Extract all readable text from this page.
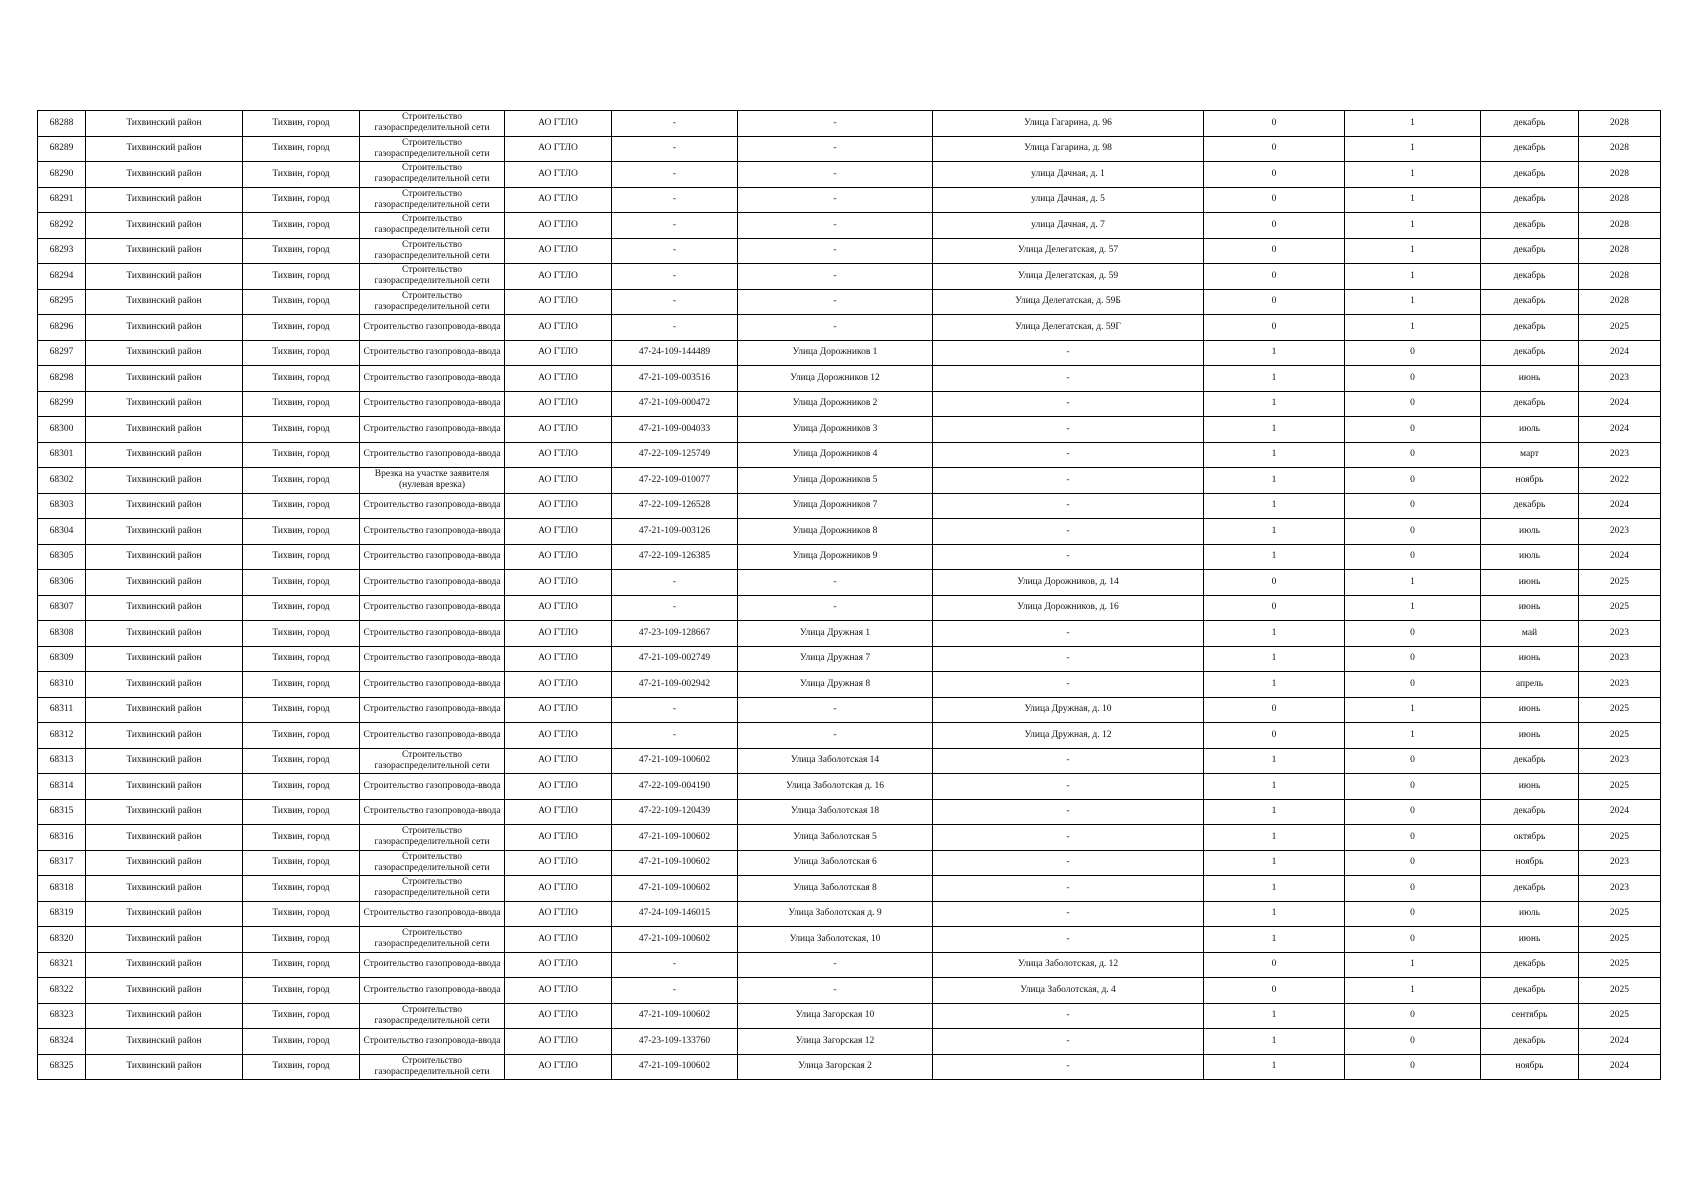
68288	Тихвинский район	Тихвин, город	Строительство газораспределительной сети	АО ГТЛО	-	-	Улица Гагарина, д. 96	0	1	декабрь	2028
68289	Тихвинский район	Тихвин, город	Строительство газораспределительной сети	АО ГТЛО	-	-	Улица Гагарина, д. 98	0	1	декабрь	2028
68290	Тихвинский район	Тихвин, город	Строительство газораспределительной сети	АО ГТЛО	-	-	улица Дачная, д. 1	0	1	декабрь	2028
68291	Тихвинский район	Тихвин, город	Строительство газораспределительной сети	АО ГТЛО	-	-	улица Дачная, д. 5	0	1	декабрь	2028
68292	Тихвинский район	Тихвин, город	Строительство газораспределительной сети	АО ГТЛО	-	-	улица Дачная, д. 7	0	1	декабрь	2028
68293	Тихвинский район	Тихвин, город	Строительство газораспределительной сети	АО ГТЛО	-	-	Улица Делегатская, д. 57	0	1	декабрь	2028
68294	Тихвинский район	Тихвин, город	Строительство газораспределительной сети	АО ГТЛО	-	-	Улица Делегатская, д. 59	0	1	декабрь	2028
68295	Тихвинский район	Тихвин, город	Строительство газораспределительной сети	АО ГТЛО	-	-	Улица Делегатская, д. 59Б	0	1	декабрь	2028
68296	Тихвинский район	Тихвин, город	Строительство газопровода-ввода	АО ГТЛО	-	-	Улица Делегатская, д. 59Г	0	1	декабрь	2025
68297	Тихвинский район	Тихвин, город	Строительство газопровода-ввода	АО ГТЛО	47-24-109-144489	Улица Дорожников 1	-	1	0	декабрь	2024
68298	Тихвинский район	Тихвин, город	Строительство газопровода-ввода	АО ГТЛО	47-21-109-003516	Улица Дорожников 12	-	1	0	июнь	2023
68299	Тихвинский район	Тихвин, город	Строительство газопровода-ввода	АО ГТЛО	47-21-109-000472	Улица Дорожников 2	-	1	0	декабрь	2024
68300	Тихвинский район	Тихвин, город	Строительство газопровода-ввода	АО ГТЛО	47-21-109-004033	Улица Дорожников 3	-	1	0	июль	2024
68301	Тихвинский район	Тихвин, город	Строительство газопровода-ввода	АО ГТЛО	47-22-109-125749	Улица Дорожников 4	-	1	0	март	2023
68302	Тихвинский район	Тихвин, город	Врезка на участке заявителя (нулевая врезка)	АО ГТЛО	47-22-109-010077	Улица Дорожников 5	-	1	0	ноябрь	2022
68303	Тихвинский район	Тихвин, город	Строительство газопровода-ввода	АО ГТЛО	47-22-109-126528	Улица Дорожников 7	-	1	0	декабрь	2024
68304	Тихвинский район	Тихвин, город	Строительство газопровода-ввода	АО ГТЛО	47-21-109-003126	Улица Дорожников 8	-	1	0	июль	2023
68305	Тихвинский район	Тихвин, город	Строительство газопровода-ввода	АО ГТЛО	47-22-109-126385	Улица Дорожников 9	-	1	0	июль	2024
68306	Тихвинский район	Тихвин, город	Строительство газопровода-ввода	АО ГТЛО	-	-	Улица Дорожников, д. 14	0	1	июнь	2025
68307	Тихвинский район	Тихвин, город	Строительство газопровода-ввода	АО ГТЛО	-	-	Улица Дорожников, д. 16	0	1	июнь	2025
68308	Тихвинский район	Тихвин, город	Строительство газопровода-ввода	АО ГТЛО	47-23-109-128667	Улица Дружная 1	-	1	0	май	2023
68309	Тихвинский район	Тихвин, город	Строительство газопровода-ввода	АО ГТЛО	47-21-109-002749	Улица Дружная 7	-	1	0	июнь	2023
68310	Тихвинский район	Тихвин, город	Строительство газопровода-ввода	АО ГТЛО	47-21-109-002942	Улица Дружная 8	-	1	0	апрель	2023
68311	Тихвинский район	Тихвин, город	Строительство газопровода-ввода	АО ГТЛО	-	-	Улица Дружная, д. 10	0	1	июнь	2025
68312	Тихвинский район	Тихвин, город	Строительство газопровода-ввода	АО ГТЛО	-	-	Улица Дружная, д. 12	0	1	июнь	2025
68313	Тихвинский район	Тихвин, город	Строительство газораспределительной сети	АО ГТЛО	47-21-109-100602	Улица Заболотская 14	-	1	0	декабрь	2023
68314	Тихвинский район	Тихвин, город	Строительство газопровода-ввода	АО ГТЛО	47-22-109-004190	Улица Заболотская д. 16	-	1	0	июнь	2025
68315	Тихвинский район	Тихвин, город	Строительство газопровода-ввода	АО ГТЛО	47-22-109-120439	Улица Заболотская 18	-	1	0	декабрь	2024
68316	Тихвинский район	Тихвин, город	Строительство газораспределительной сети	АО ГТЛО	47-21-109-100602	Улица Заболотская 5	-	1	0	октябрь	2025
68317	Тихвинский район	Тихвин, город	Строительство газораспределительной сети	АО ГТЛО	47-21-109-100602	Улица Заболотская 6	-	1	0	ноябрь	2023
68318	Тихвинский район	Тихвин, город	Строительство газораспределительной сети	АО ГТЛО	47-21-109-100602	Улица Заболотская 8	-	1	0	декабрь	2023
68319	Тихвинский район	Тихвин, город	Строительство газопровода-ввода	АО ГТЛО	47-24-109-146015	Улица Заболотская д. 9	-	1	0	июль	2025
68320	Тихвинский район	Тихвин, город	Строительство газораспределительной сети	АО ГТЛО	47-21-109-100602	Улица Заболотская, 10	-	1	0	июнь	2025
68321	Тихвинский район	Тихвин, город	Строительство газопровода-ввода	АО ГТЛО	-	-	Улица Заболотская, д. 12	0	1	декабрь	2025
68322	Тихвинский район	Тихвин, город	Строительство газопровода-ввода	АО ГТЛО	-	-	Улица Заболотская, д. 4	0	1	декабрь	2025
68323	Тихвинский район	Тихвин, город	Строительство газораспределительной сети	АО ГТЛО	47-21-109-100602	Улица Загорская 10	-	1	0	сентябрь	2025
68324	Тихвинский район	Тихвин, город	Строительство газопровода-ввода	АО ГТЛО	47-23-109-133760	Улица Загорская 12	-	1	0	декабрь	2024
68325	Тихвинский район	Тихвин, город	Строительство газораспределительной сети	АО ГТЛО	47-21-109-100602	Улица Загорская 2	-	1	0	ноябрь	2024
